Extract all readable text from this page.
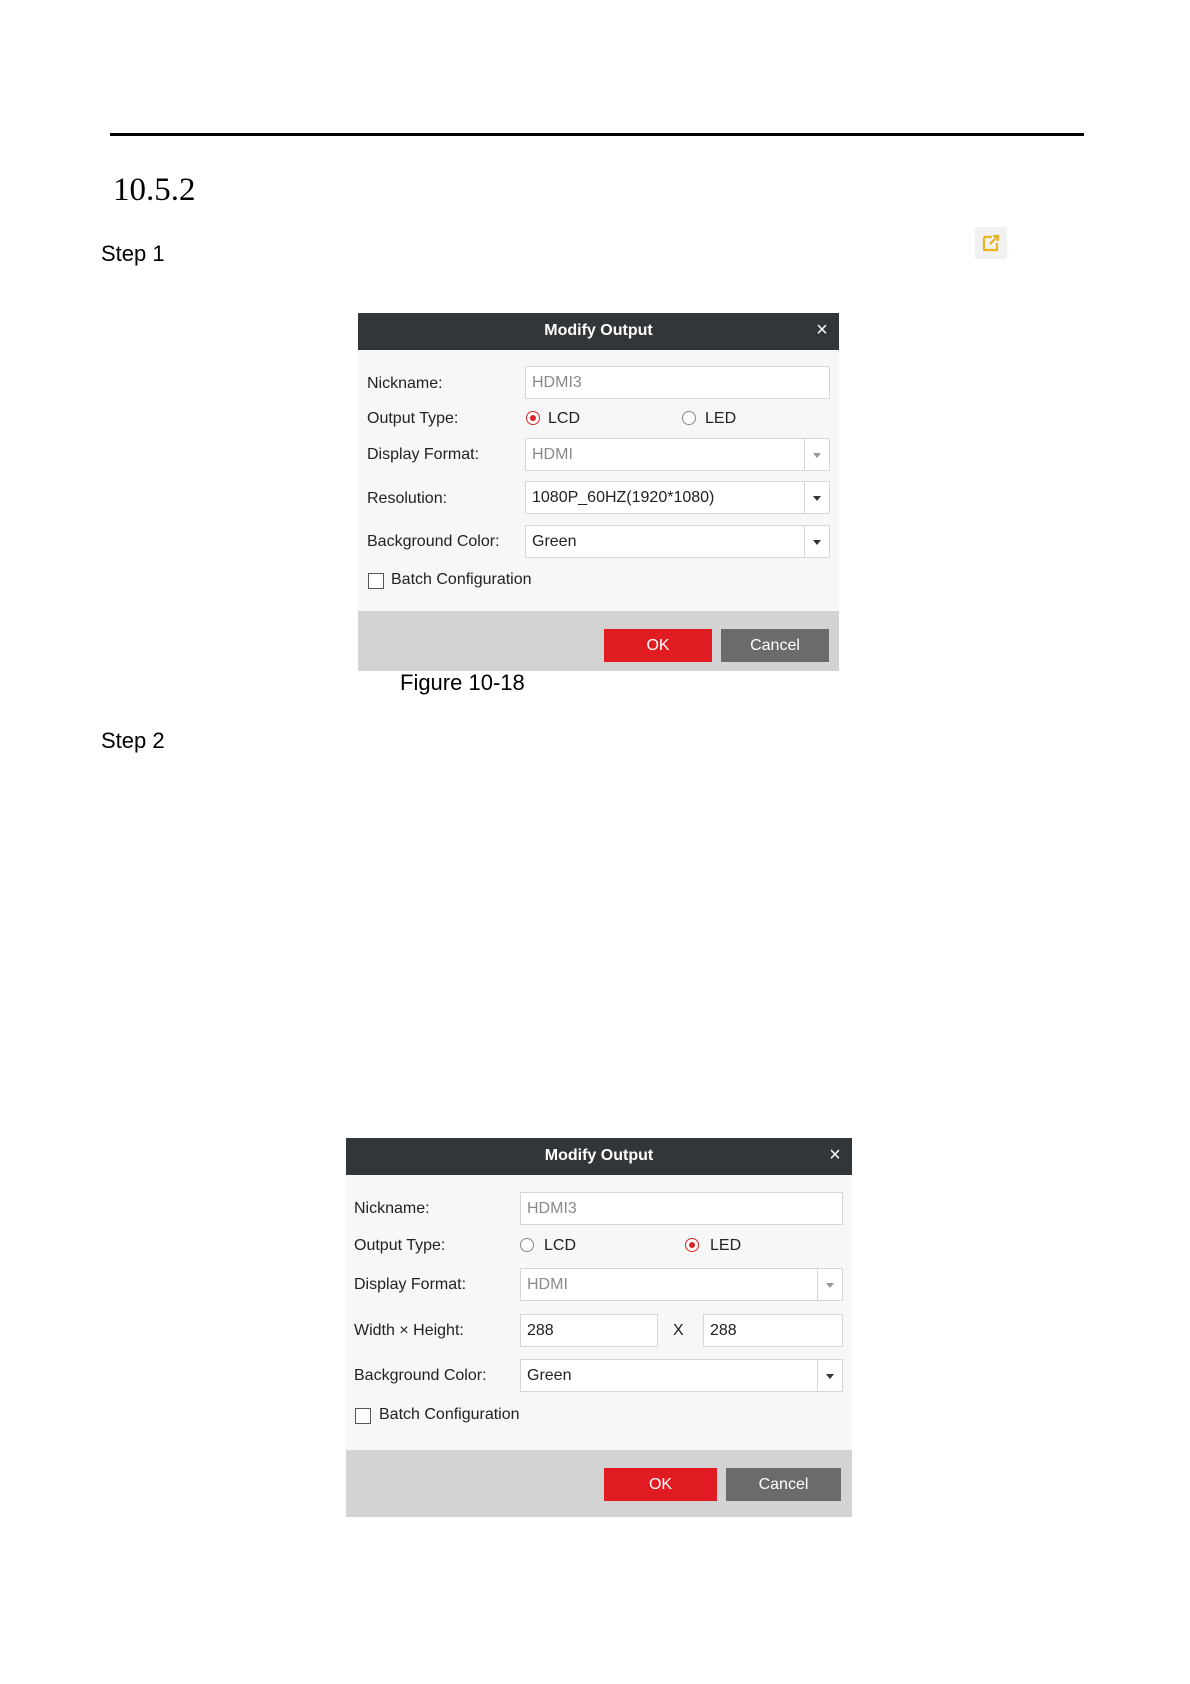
10.5.2
Step 1
Modify Output	×
Nickname:	HDMI3
Output Type:	LCD	LED
Display Format:	HDMI
Resolution:	1080P_60HZ(1920*1080)
Background Color: Green
Batch Configuration
OK	Cancel
Figure 10-18
Step 2
Modify Output	×
Nickname:	HDMI3
Output Type:	LCD	LED
Display Format:	HDMI
Width × Height:	288	X 288
Background Color:	Green
Batch Configuration
OK	Cancel
